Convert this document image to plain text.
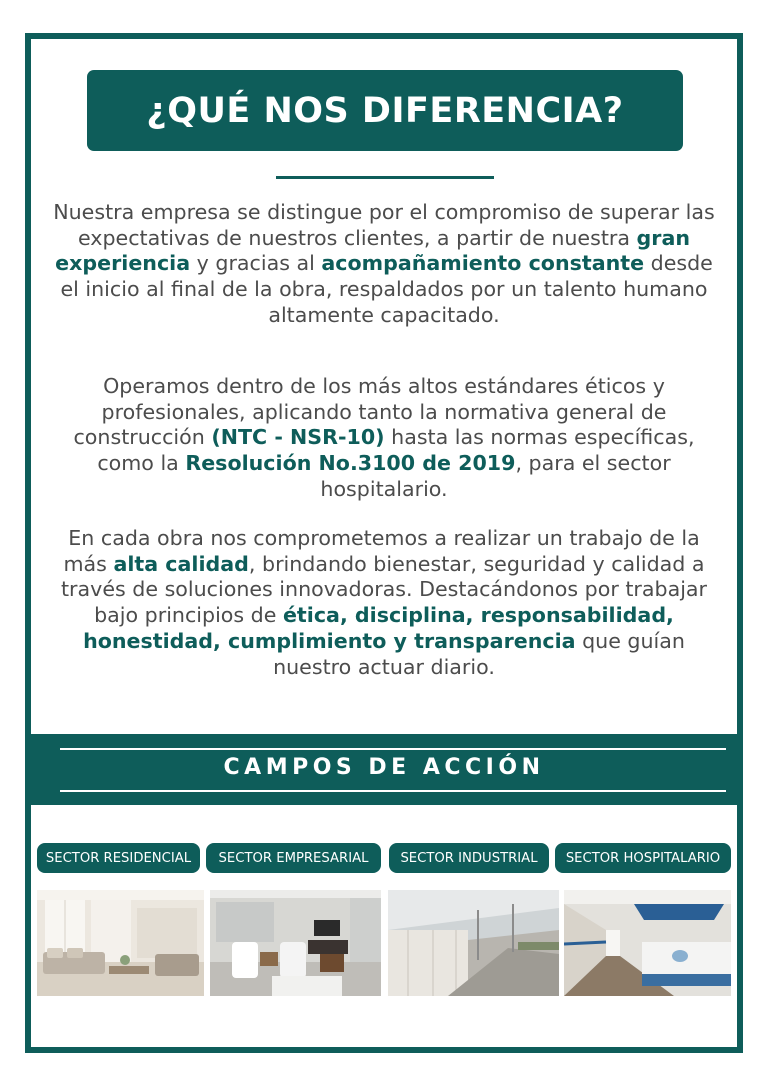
¿QUÉ NOS DIFERENCIA?

Nuestra empresa se distingue por el compromiso de superar las expectativas de nuestros clientes, a partir de nuestra gran experiencia y gracias al acompañamiento constante desde el inicio al final de la obra, respaldados por un talento humano altamente capacitado.

Operamos dentro de los más altos estándares éticos y profesionales, aplicando tanto la normativa general de construcción (NTC - NSR-10) hasta las normas específicas, como la Resolución No.3100 de 2019, para el sector hospitalario.

En cada obra nos comprometemos a realizar un trabajo de la más alta calidad, brindando bienestar, seguridad y calidad a través de soluciones innovadoras. Destacándonos por trabajar bajo principios de ética, disciplina, responsabilidad, honestidad, cumplimiento y transparencia que guían nuestro actuar diario.

CAMPOS DE ACCIÓN
SECTOR RESIDENCIAL	SECTOR EMPRESARIAL	SECTOR INDUSTRIAL	SECTOR HOSPITALARIO
